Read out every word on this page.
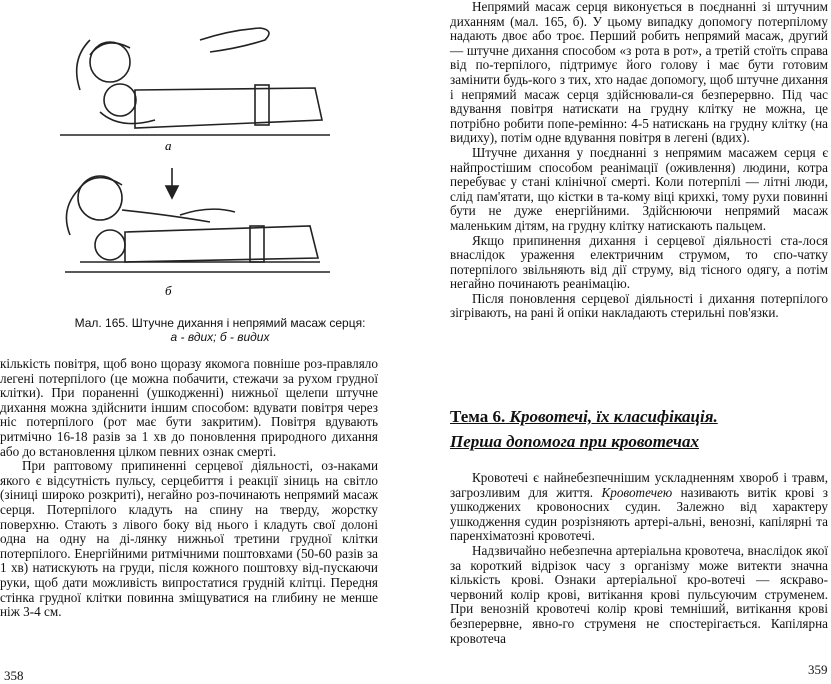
а
б
Мал. 165. Штучне дихання і непрямий масаж серця:
а - вдих; б - видих

кількість повітря, щоб воно щоразу якомога повніше роз-правляло легені потерпілого (це можна побачити, стежачи за рухом грудної клітки). При пораненні (ушкодженні) нижньої щелепи штучне дихання можна здійснити іншим способом: вдувати повітря через ніс потерпілого (рот має бути закритим). Повітря вдувають ритмічно 16-18 разів за 1 хв до поновлення природного дихання або до встановлення цілком певних ознак смерті.

При раптовому припиненні серцевої діяльності, оз-наками якого є відсутність пульсу, серцебиття і реакції зіниць на світло (зіниці широко розкриті), негайно роз-починають непрямий масаж серця. Потерпілого кладуть на спину на тверду, жорстку поверхню. Стають з лівого боку від нього і кладуть свої долоні одна на одну на ді-лянку нижньої третини грудної клітки потерпілого. Енергійними ритмічними поштовхами (50-60 разів за 1 хв) натискують на груди, після кожного поштовху від-пускаючи руки, щоб дати можливість випростатися грудній клітці. Передня стінка грудної клітки повинна зміщуватися на глибину не менше ніж 3-4 см.

Непрямий масаж серця виконується в поєднанні зі штучним диханням (мал. 165, б). У цьому випадку допомогу потерпілому надають двоє або троє. Перший робить непрямий масаж, другий — штучне дихання способом «з рота в рот», а третій стоїть справа від по-терпілого, підтримує його голову і має бути готовим замінити будь-кого з тих, хто надає допомогу, щоб штучне дихання і непрямий масаж серця здійснювали-ся безперервно. Під час вдування повітря натискати на грудну клітку не можна, це потрібно робити попе-ремінно: 4-5 натискань на грудну клітку (на видиху), потім одне вдування повітря в легені (вдих).

Штучне дихання у поєднанні з непрямим масажем серця є найпростішим способом реанімації (оживлення) людини, котра перебуває у стані клінічної смерті. Коли потерпілі — літні люди, слід пам'ятати, що кістки в та-кому віці крихкі, тому рухи повинні бути не дуже енергійними. Здійснюючи непрямий масаж маленьким дітям, на грудну клітку натискають пальцем.

Якщо припинення дихання і серцевої діяльності ста-лося внаслідок ураження електричним струмом, то спо-чатку потерпілого звільняють від дії струму, від тісного одягу, а потім негайно починають реанімацію.

Після поновлення серцевої діяльності і дихання потерпілого зігрівають, на рані й опіки накладають стерильні пов'язки.

Тема 6. Кровотечі, їх класифікація.
Перша допомога при кровотечах

Кровотечі є найнебезпечнішим ускладненням хвороб і травм, загрозливим для життя. Кровотечею називають витік крові з ушкоджених кровоносних судин. Залежно від характеру ушкодження судин розрізняють артері-альні, венозні, капілярні та паренхіматозні кровотечі.

Надзвичайно небезпечна артеріальна кровотеча, внаслідок якої за короткий відрізок часу з організму може витекти значна кількість крові. Ознаки артеріальної кро-вотечі — яскраво-червоний колір крові, витікання крові пульсуючим струменем. При венозній кровотечі колір крові темніший, витікання крові безперервне, явно-го струменя не спостерігається. Капілярна кровотеча

358	359
